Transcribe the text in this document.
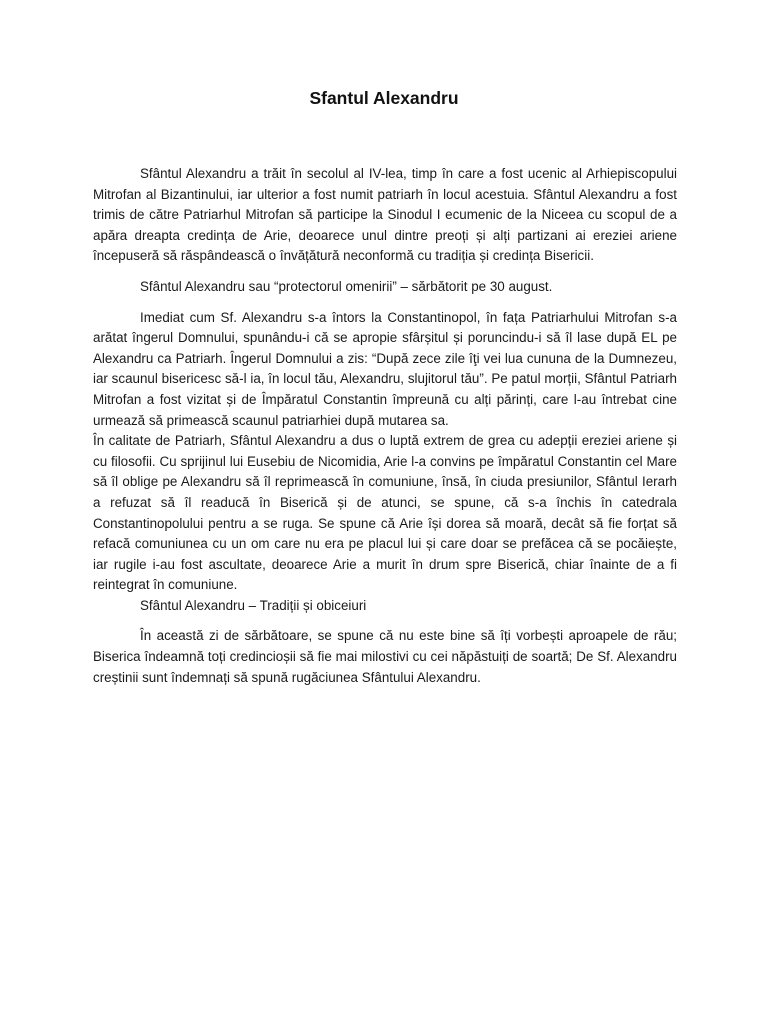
Sfantul Alexandru

Sfântul Alexandru a trăit în secolul al IV-lea, timp în care a fost ucenic al Arhiepiscopului Mitrofan al Bizantinului, iar ulterior a fost numit patriarh în locul acestuia. Sfântul Alexandru a fost trimis de către Patriarhul Mitrofan să participe la Sinodul I ecumenic de la Niceea cu scopul de a apăra dreapta credința de Arie, deoarece unul dintre preoți și alți partizani ai ereziei ariene începuseră să răspândească o învățătură neconformă cu tradiția și credința Bisericii.

Sfântul Alexandru sau “protectorul omenirii” – sărbătorit pe 30 august.

Imediat cum Sf. Alexandru s-a întors la Constantinopol, în fața Patriarhului Mitrofan s-a arătat îngerul Domnului, spunându-i că se apropie sfârșitul și poruncindu-i să îl lase după EL pe Alexandru ca Patriarh. Îngerul Domnului a zis: “După zece zile îţi vei lua cununa de la Dumnezeu, iar scaunul bisericesc să-l ia, în locul tău, Alexandru, slujitorul tău”. Pe patul morții, Sfântul Patriarh Mitrofan a fost vizitat și de Împăratul Constantin împreună cu alți părinți, care l-au întrebat cine urmează să primească scaunul patriarhiei după mutarea sa.

În calitate de Patriarh, Sfântul Alexandru a dus o luptă extrem de grea cu adepții ereziei ariene și cu filosofii. Cu sprijinul lui Eusebiu de Nicomidia, Arie l-a convins pe împăratul Constantin cel Mare să îl oblige pe Alexandru să îl reprimească în comuniune, însă, în ciuda presiunilor, Sfântul Ierarh a refuzat să îl readucă în Biserică și de atunci, se spune, că s-a închis în catedrala Constantinopolului pentru a se ruga. Se spune că Arie își dorea să moară, decât să fie forțat să refacă comuniunea cu un om care nu era pe placul lui și care doar se prefăcea că se pocăiește, iar rugile i-au fost ascultate, deoarece Arie a murit în drum spre Biserică, chiar înainte de a fi reintegrat în comuniune.

Sfântul Alexandru – Tradiții și obiceiuri

În această zi de sărbătoare, se spune că nu este bine să îți vorbești aproapele de rău; Biserica îndeamnă toți credincioșii să fie mai milostivi cu cei năpăstuiți de soartă; De Sf. Alexandru creștinii sunt îndemnați să spună rugăciunea Sfântului Alexandru.
